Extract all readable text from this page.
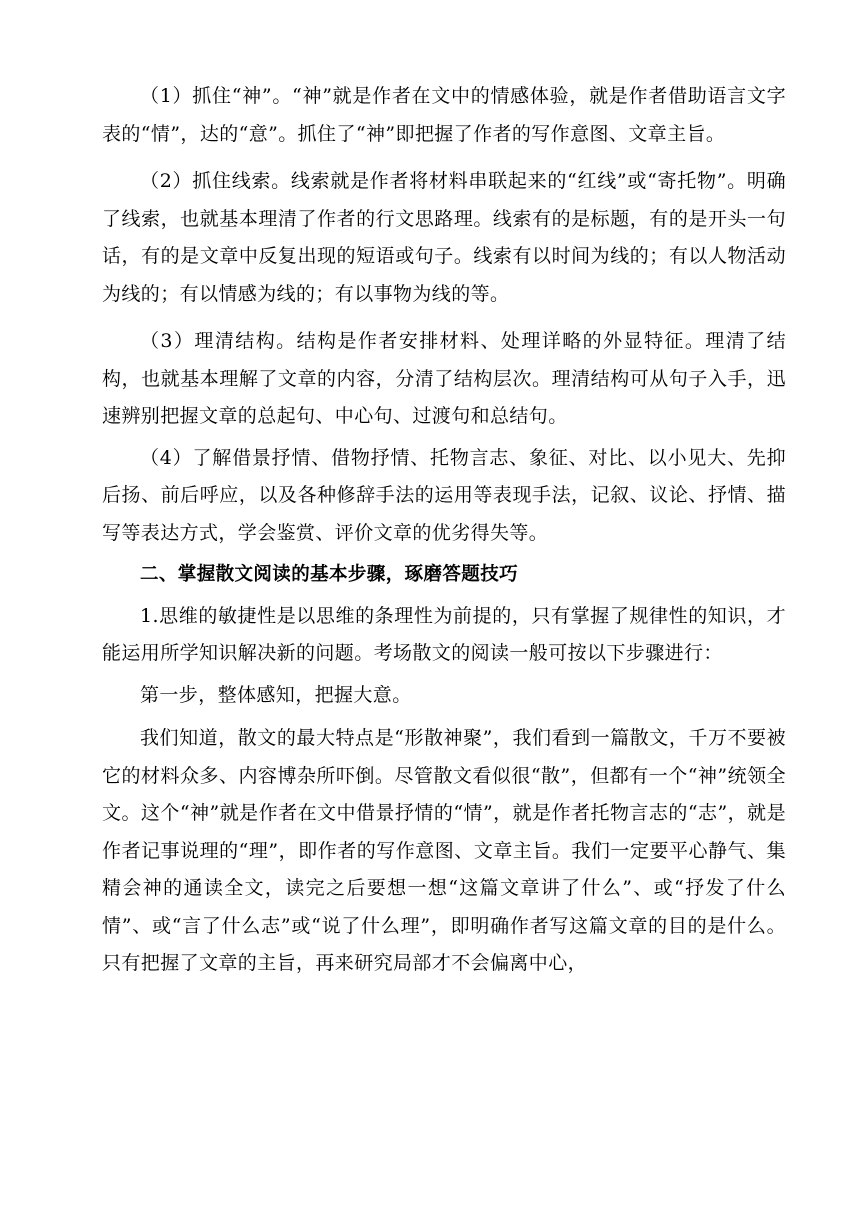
（1）抓住“神”。“神”就是作者在文中的情感体验，就是作者借助语言文字表的“情”，达的“意”。抓住了“神”即把握了作者的写作意图、文章主旨。

（2）抓住线索。线索就是作者将材料串联起来的“红线”或“寄托物”。明确了线索，也就基本理清了作者的行文思路理。线索有的是标题，有的是开头一句话，有的是文章中反复出现的短语或句子。线索有以时间为线的；有以人物活动为线的；有以情感为线的；有以事物为线的等。

（3）理清结构。结构是作者安排材料、处理详略的外显特征。理清了结构，也就基本理解了文章的内容，分清了结构层次。理清结构可从句子入手，迅速辨别把握文章的总起句、中心句、过渡句和总结句。

（4）了解借景抒情、借物抒情、托物言志、象征、对比、以小见大、先抑后扬、前后呼应，以及各种修辞手法的运用等表现手法，记叙、议论、抒情、描写等表达方式，学会鉴赏、评价文章的优劣得失等。

二、掌握散文阅读的基本步骤，琢磨答题技巧

1.思维的敏捷性是以思维的条理性为前提的，只有掌握了规律性的知识，才能运用所学知识解决新的问题。考场散文的阅读一般可按以下步骤进行：

第一步，整体感知，把握大意。

我们知道，散文的最大特点是“形散神聚”，我们看到一篇散文，千万不要被它的材料众多、内容博杂所吓倒。尽管散文看似很“散”，但都有一个“神”统领全文。这个“神”就是作者在文中借景抒情的“情”，就是作者托物言志的“志”，就是作者记事说理的“理”，即作者的写作意图、文章主旨。我们一定要平心静气、集精会神的通读全文，读完之后要想一想“这篇文章讲了什么”、或“抒发了什么情”、或“言了什么志”或“说了什么理”，即明确作者写这篇文章的目的是什么。只有把握了文章的主旨，再来研究局部才不会偏离中心，
